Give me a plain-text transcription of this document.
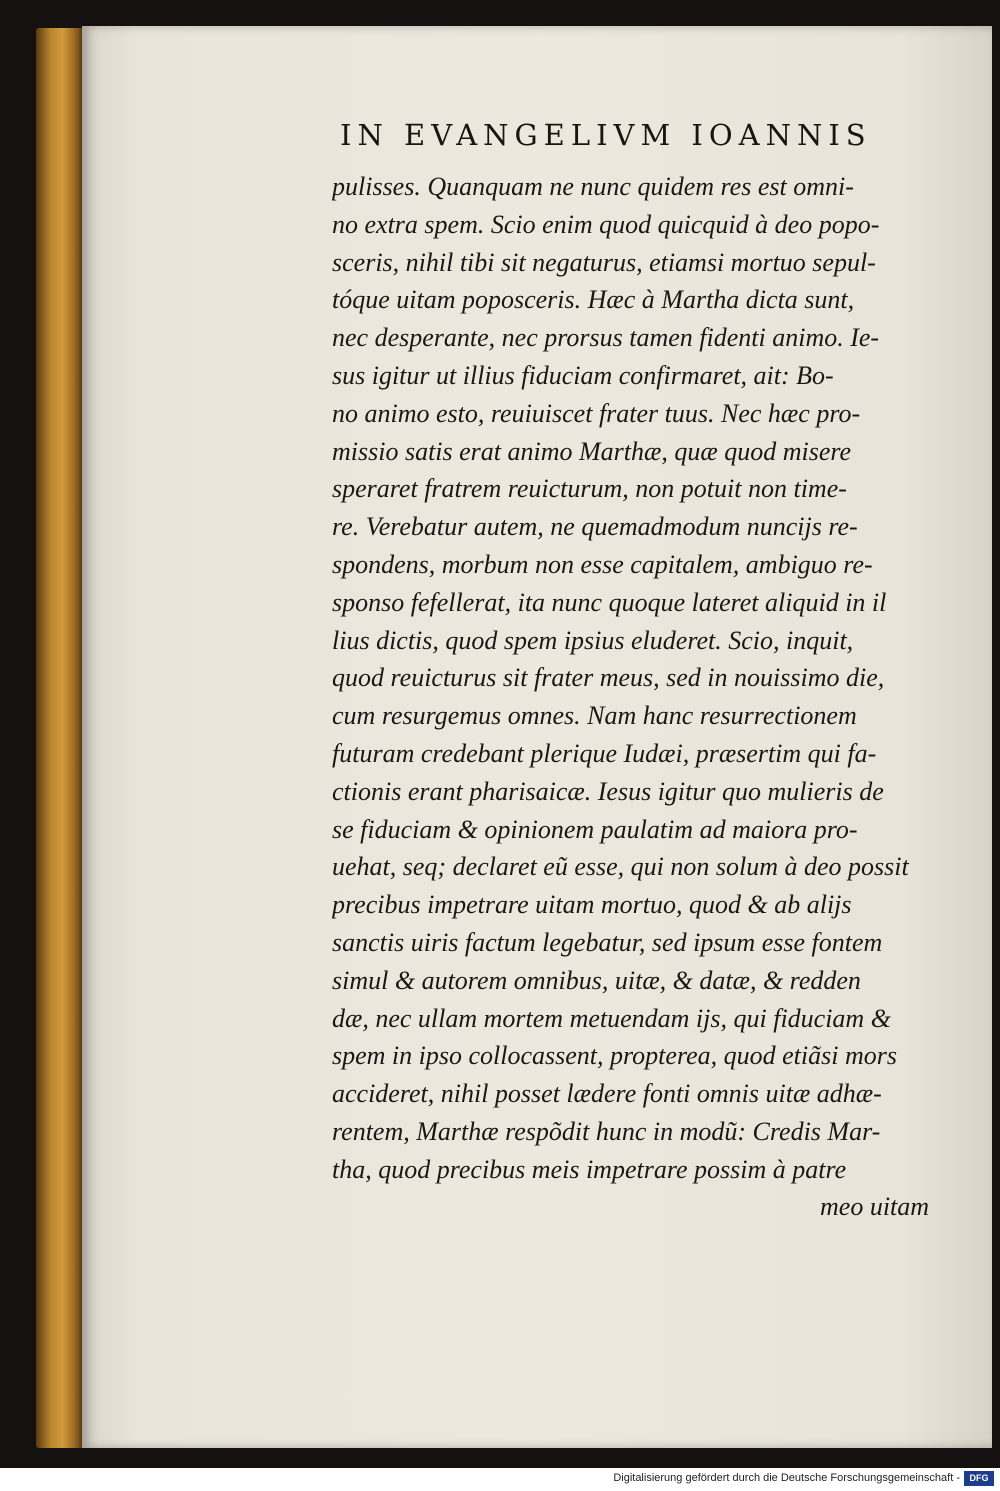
IN EVANGELIVM IOANNIS
pulisses. Quanquam ne nunc quidem res est omni-
no extra spem. Scio enim quod quicquid à deo popo-
sceris, nihil tibi sit negaturus, etiamsi mortuo sepul-
tóque uitam poposceris. Hæc à Martha dicta sunt,
nec desperante, nec prorsus tamen fidenti animo. Ie-
sus igitur ut illius fiduciam confirmaret, ait: Bo-
no animo esto, reuiuiscet frater tuus. Nec hæc pro-
missio satis erat animo Marthæ, quæ quod misere
speraret fratrem reuicturum, non potuit non time-
re. Verebatur autem, ne quemadmodum nuncijs re-
spondens, morbum non esse capitalem, ambiguo re-
sponso fefellerat, ita nunc quoque lateret aliquid in il
lius dictis, quod spem ipsius eluderet. Scio, inquit,
quod reuicturus sit frater meus, sed in nouissimo die,
cum resurgemus omnes. Nam hanc resurrectionem
futuram credebant plerique Iudæi, præsertim qui fa-
ctionis erant pharisaicæ. Iesus igitur quo mulieris de
se fiduciam & opinionem paulatim ad maiora pro-
uehat, seq; declaret eũ esse, qui non solum à deo possit
precibus impetrare uitam mortuo, quod & ab alijs
sanctis uiris factum legebatur, sed ipsum esse fontem
simul & autorem omnibus, uitæ, & datæ, & redden
dæ, nec ullam mortem metuendam ijs, qui fiduciam &
spem in ipso collocassent, propterea, quod etiãsi mors
accideret, nihil posset lædere fonti omnis uitæ adhæ-
rentem, Marthæ respõdit hunc in modũ: Credis Mar-
tha, quod precibus meis impetrare possim à patre
meo uitam
Digitalisierung gefördert durch die Deutsche Forschungsgemeinschaft -	DFG
